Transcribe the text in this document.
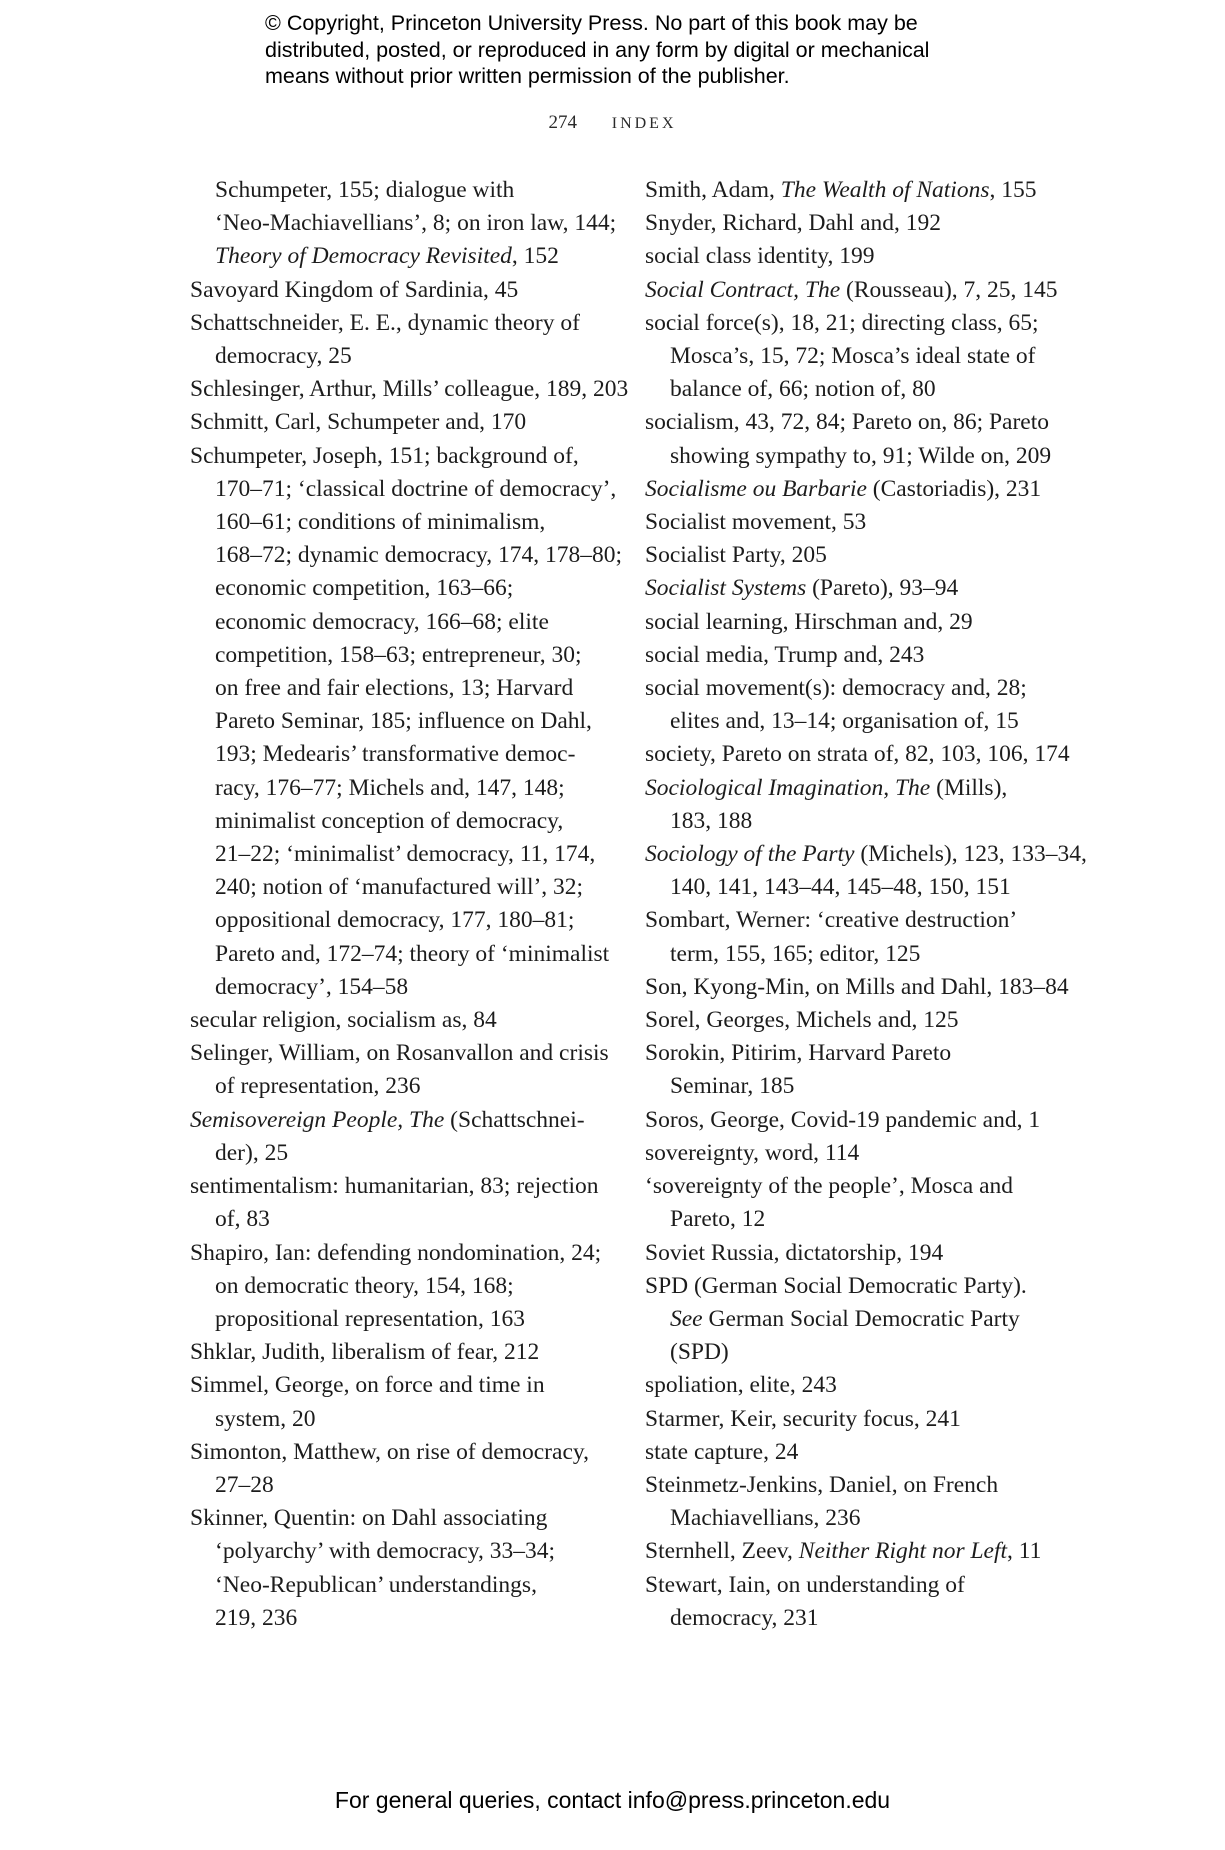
© Copyright, Princeton University Press. No part of this book may be
distributed, posted, or reproduced in any form by digital or mechanical
means without prior written permission of the publisher.
274 INDEX
Schumpeter, 155; dialogue with
‘Neo-Machiavellians’, 8; on iron law, 144;
Theory of Democracy Revisited, 152
Savoyard Kingdom of Sardinia, 45
Schattschneider, E. E., dynamic theory of
democracy, 25
Schlesinger, Arthur, Mills’ colleague, 189, 203
Schmitt, Carl, Schumpeter and, 170
Schumpeter, Joseph, 151; background of,
170–71; ‘classical doctrine of democracy’,
160–61; conditions of minimalism,
168–72; dynamic democracy, 174, 178–80;
economic competition, 163–66;
economic democracy, 166–68; elite
competition, 158–63; entrepreneur, 30;
on free and fair elections, 13; Harvard
Pareto Seminar, 185; influence on Dahl,
193; Medearis’ transformative democ-
racy, 176–77; Michels and, 147, 148;
minimalist conception of democracy,
21–22; ‘minimalist’ democracy, 11, 174,
240; notion of ‘manufactured will’, 32;
oppositional democracy, 177, 180–81;
Pareto and, 172–74; theory of ‘minimalist
democracy’, 154–58
secular religion, socialism as, 84
Selinger, William, on Rosanvallon and crisis
of representation, 236
Semisovereign People, The (Schattschnei-
der), 25
sentimentalism: humanitarian, 83; rejection
of, 83
Shapiro, Ian: defending nondomination, 24;
on democratic theory, 154, 168;
propositional representation, 163
Shklar, Judith, liberalism of fear, 212
Simmel, George, on force and time in
system, 20
Simonton, Matthew, on rise of democracy,
27–28
Skinner, Quentin: on Dahl associating
‘polyarchy’ with democracy, 33–34;
‘Neo-Republican’ understandings,
219, 236
Smith, Adam, The Wealth of Nations, 155
Snyder, Richard, Dahl and, 192
social class identity, 199
Social Contract, The (Rousseau), 7, 25, 145
social force(s), 18, 21; directing class, 65;
Mosca’s, 15, 72; Mosca’s ideal state of
balance of, 66; notion of, 80
socialism, 43, 72, 84; Pareto on, 86; Pareto
showing sympathy to, 91; Wilde on, 209
Socialisme ou Barbarie (Castoriadis), 231
Socialist movement, 53
Socialist Party, 205
Socialist Systems (Pareto), 93–94
social learning, Hirschman and, 29
social media, Trump and, 243
social movement(s): democracy and, 28;
elites and, 13–14; organisation of, 15
society, Pareto on strata of, 82, 103, 106, 174
Sociological Imagination, The (Mills),
183, 188
Sociology of the Party (Michels), 123, 133–34,
140, 141, 143–44, 145–48, 150, 151
Sombart, Werner: ‘creative destruction’
term, 155, 165; editor, 125
Son, Kyong-Min, on Mills and Dahl, 183–84
Sorel, Georges, Michels and, 125
Sorokin, Pitirim, Harvard Pareto
Seminar, 185
Soros, George, Covid-19 pandemic and, 1
sovereignty, word, 114
‘sovereignty of the people’, Mosca and
Pareto, 12
Soviet Russia, dictatorship, 194
SPD (German Social Democratic Party).
See German Social Democratic Party
(SPD)
spoliation, elite, 243
Starmer, Keir, security focus, 241
state capture, 24
Steinmetz-Jenkins, Daniel, on French
Machiavellians, 236
Sternhell, Zeev, Neither Right nor Left, 11
Stewart, Iain, on understanding of
democracy, 231
For general queries, contact info@press.princeton.edu
